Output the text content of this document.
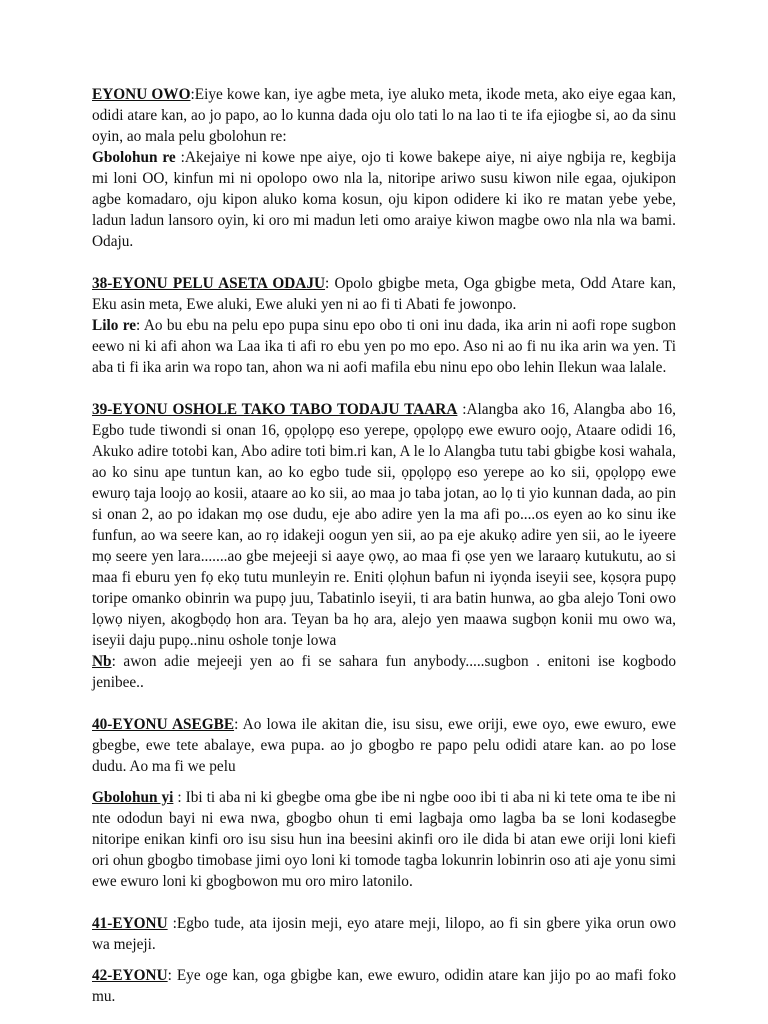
EYONU OWO:Eiye kowe kan, iye agbe meta, iye aluko meta, ikode meta, ako eiye egaa kan, odidi atare kan, ao jo papo, ao lo kunna dada oju olo tati lo na lao ti te ifa ejiogbe si, ao da sinu oyin, ao mala pelu gbolohun re:
Gbolohun re :Akejaiye ni kowe npe aiye, ojo ti kowe bakepe aiye, ni aiye ngbija re, kegbija mi loni OO, kinfun mi ni opolopo owo nla la, nitoripe ariwo susu kiwon nile egaa, ojukipon agbe komadaro, oju kipon aluko koma kosun, oju kipon odidere ki iko re matan yebe yebe, ladun ladun lansoro oyin, ki oro mi madun leti omo araiye kiwon magbe owo nla nla wa bami. Odaju.

38-EYONU PELU ASETA ODAJU: Opolo gbigbe meta, Oga gbigbe meta, Odd Atare kan, Eku asin meta, Ewe aluki, Ewe aluki yen ni ao fi ti Abati fe jowonpo.
Lilo re: Ao bu ebu na pelu epo pupa sinu epo obo ti oni inu dada, ika arin ni aofi rope sugbon eewo ni ki afi ahon wa Laa ika ti afi ro ebu yen po mo epo. Aso ni ao fi nu ika arin wa yen. Ti aba ti fi ika arin wa ropo tan, ahon wa ni aofi mafila ebu ninu epo obo lehin Ilekun waa lalale.

39-EYONU OSHOLE TAKO TABO TODAJU TAARA :Alangba ako 16, Alangba abo 16, Egbo tude tiwondi si onan 16, ọpọlọpọ eso yerepe, ọpọlọpọ ewe ewuro oojọ, Ataare odidi 16, Akuko adire totobi kan, Abo adire toti bim.ri kan, A le lo Alangba tutu tabi gbigbe kosi wahala, ao ko sinu ape tuntun kan, ao ko egbo tude sii, ọpọlọpọ eso yerepe ao ko sii, ọpọlọpọ ewe ewurọ taja loojọ ao kosii, ataare ao ko sii, ao maa jo taba jotan, ao lọ ti yio kunnan dada, ao pin si onan 2, ao po idakan mọ ose dudu, eje abo adire yen la ma afi po....os eyen ao ko sinu ike funfun, ao wa seere kan, ao rọ idakeji oogun yen sii, ao pa eje akukọ adire yen sii, ao le iyeere mọ seere yen lara.......ao gbe mejeeji si aaye ọwọ, ao maa fi ọse yen we laraarọ kutukutu, ao si maa fi eburu yen fọ ekọ tutu munleyin re. Eniti ọlọhun bafun ni iyọnda iseyii see, kọsọra pupọ toripe omanko obinrin wa pupọ juu, Tabatinlo iseyii, ti ara batin hunwa, ao gba alejo Toni owo lọwọ niyen, akogbọdọ hon ara. Teyan ba họ ara, alejo yen maawa sugbọn konii mu owo wa, iseyii daju pupọ..ninu oshole tonje lowa
Nb: awon adie mejeeji yen ao fi se sahara fun anybody.....sugbon . enitoni ise kogbodo jenibee..

40-EYONU ASEGBE: Ao lowa ile akitan die, isu sisu, ewe oriji, ewe oyo, ewe ewuro, ewe gbegbe, ewe tete abalaye, ewa pupa. ao jo gbogbo re papo pelu odidi atare kan. ao po lose dudu. Ao ma fi we pelu

Gbolohun yi : Ibi ti aba ni ki gbegbe oma gbe ibe ni ngbe ooo ibi ti aba ni ki tete oma te ibe ni nte ododun bayi ni ewa nwa, gbogbo ohun ti emi lagbaja omo lagba ba se loni kodasegbe nitoripe enikan kinfi oro isu sisu hun ina beesini akinfi oro ile dida bi atan ewe oriji loni kiefi ori ohun gbogbo timobase jimi oyo loni ki tomode tagba lokunrin lobinrin oso ati aje yonu simi ewe ewuro loni ki gbogbowon mu oro miro latonilo.

41-EYONU :Egbo tude, ata ijosin meji, eyo atare meji, lilopo, ao fi sin gbere yika orun owo wa mejeji.

42-EYONU: Eye oge kan, oga gbigbe kan, ewe ewuro, odidin atare kan jijo po ao mafi foko mu.
